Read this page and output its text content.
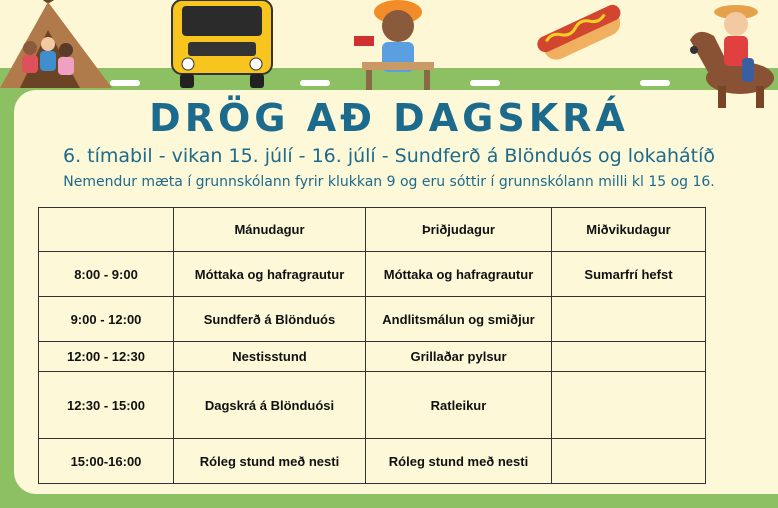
DRÖG AÐ DAGSKRÁ
6. tímabil - vikan 15. júlí - 16. júlí - Sundferð á Blönduós og lokahátíð
Nemendur mæta í grunnskólann fyrir klukkan 9 og eru sóttir í grunnskólann milli kl 15 og 16.
	Mánudagur	Þriðjudagur	Miðvikudagur
8:00 - 9:00	Móttaka og hafragrautur	Móttaka og hafragrautur	Sumarfrí hefst
9:00 - 12:00	Sundferð á Blönduós	Andlitsmálun og smiðjur	
12:00 - 12:30	Nestisstund	Grillaðar pylsur	
12:30 - 15:00	Dagskrá á Blönduósi	Ratleikur	
15:00-16:00	Róleg stund með nesti	Róleg stund með nesti	
